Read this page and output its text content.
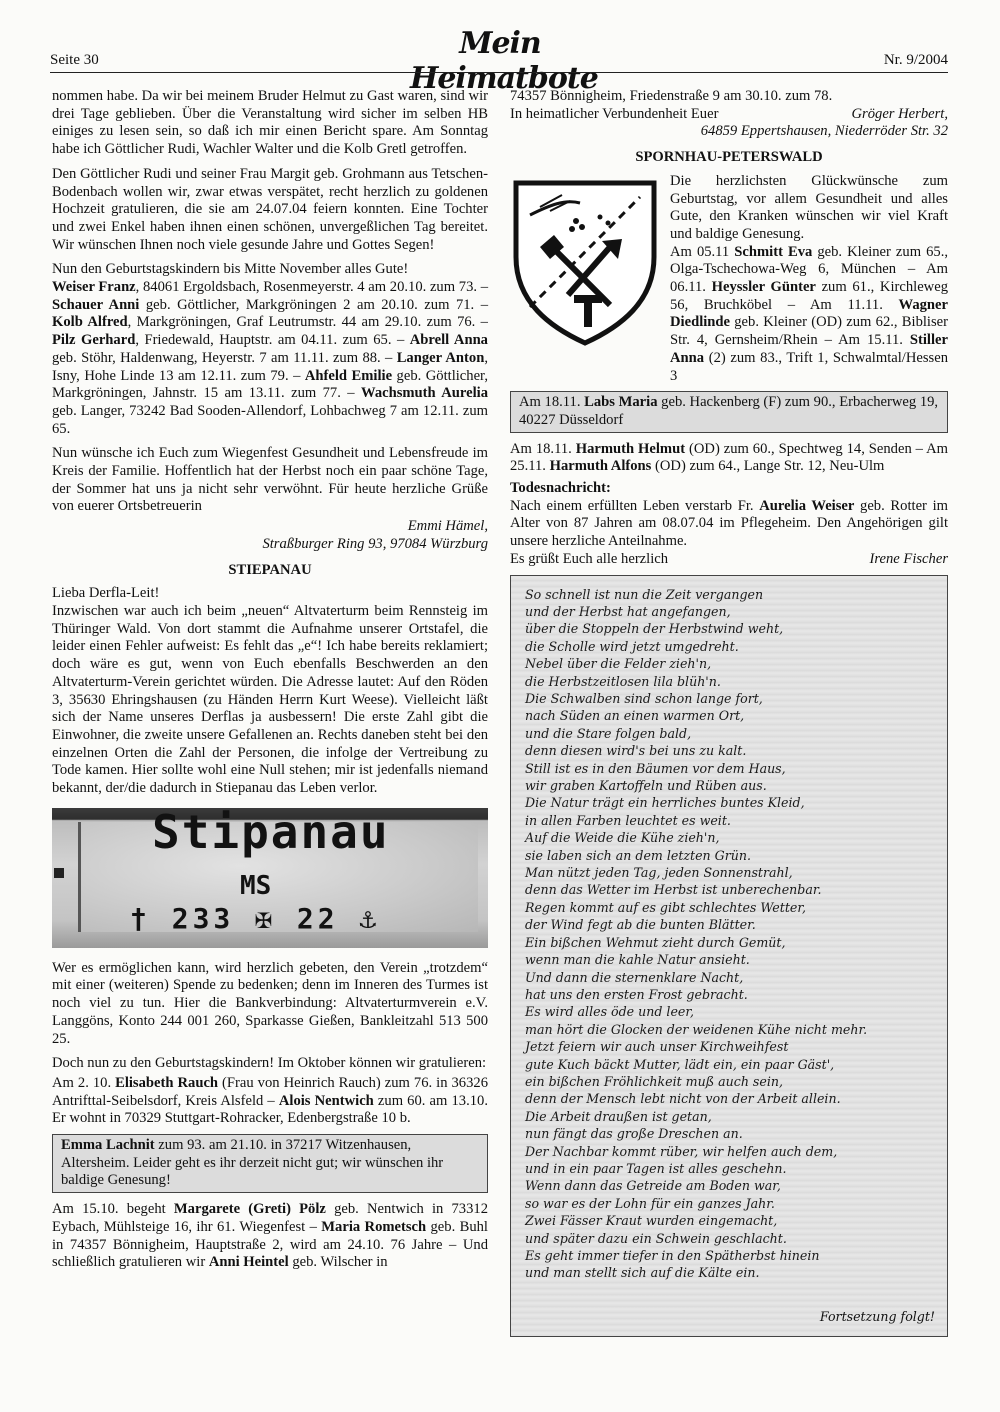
Seite 30	Mein Heimatbote
Nr. 9/2004

nommen habe. Da wir bei meinem Bruder Helmut zu Gast waren, sind wir drei Tage geblieben. Über die Veranstaltung wird sicher im selben HB einiges zu lesen sein, so daß ich mir einen Bericht spare. Am Sonntag habe ich Göttlicher Rudi, Wachler Walter und die Kolb Gretl getroffen.

Den Göttlicher Rudi und seiner Frau Margit geb. Grohmann aus Tetschen-Bodenbach wollen wir, zwar etwas verspätet, recht herzlich zu goldenen Hochzeit gratulieren, die sie am 24.07.04 feiern konnten. Eine Tochter und zwei Enkel haben ihnen einen schönen, unvergeßlichen Tag bereitet. Wir wünschen Ihnen noch viele gesunde Jahre und Gottes Segen!

Nun den Geburtstagskindern bis Mitte November alles Gute!
Weiser Franz, 84061 Ergoldsbach, Rosenmeyerstr. 4 am 20.10. zum 73. – Schauer Anni geb. Göttlicher, Markgröningen 2 am 20.10. zum 71. – Kolb Alfred, Markgröningen, Graf Leutrumstr. 44 am 29.10. zum 76. – Pilz Gerhard, Friedewald, Hauptstr. am 04.11. zum 65. – Abrell Anna geb. Stöhr, Haldenwang, Heyerstr. 7 am 11.11. zum 88. – Langer Anton, Isny, Hohe Linde 13 am 12.11. zum 79. – Ahfeld Emilie geb. Göttlicher, Markgröningen, Jahnstr. 15 am 13.11. zum 77. – Wachsmuth Aurelia geb. Langer, 73242 Bad Sooden-Allendorf, Lohbachweg 7 am 12.11. zum 65.

Nun wünsche ich Euch zum Wiegenfest Gesundheit und Lebensfreude im Kreis der Familie. Hoffentlich hat der Herbst noch ein paar schöne Tage, der Sommer hat uns ja nicht sehr verwöhnt. Für heute herzliche Grüße von euerer Ortsbetreuerin

Emmi Hämel,

Straßburger Ring 93, 97084 Würzburg

STIEPANAU

Lieba Derfla-Leit!

Inzwischen war auch ich beim „neuen“ Altvaterturm beim Rennsteig im Thüringer Wald. Von dort stammt die Aufnahme unserer Ortstafel, die leider einen Fehler aufweist: Es fehlt das „e“! Ich habe bereits reklamiert; doch wäre es gut, wenn von Euch ebenfalls Beschwerden an den Altvaterturm-Verein gerichtet würden. Die Adresse lautet: Auf den Röden 3, 35630 Ehringshausen (zu Händen Herrn Kurt Weese). Vielleicht läßt sich der Name unseres Derflas ja ausbessern! Die erste Zahl gibt die Einwohner, die zweite unsere Gefallenen an. Rechts daneben steht bei den einzelnen Orten die Zahl der Personen, die infolge der Vertreibung zu Tode kamen. Hier sollte wohl eine Null stehen; mir ist jedenfalls niemand bekannt, der/die dadurch in Stiepanau das Leben verlor.

Stipanau
MS
† 233 ✠ 22 ⚓

Wer es ermöglichen kann, wird herzlich gebeten, den Verein „trotzdem“ mit einer (weiteren) Spende zu bedenken; denn im Inneren des Turmes ist noch viel zu tun. Hier die Bankverbindung: Altvaterturmverein e.V. Langgöns, Konto 244 001 260, Sparkasse Gießen, Bankleitzahl 513 500 25.

Doch nun zu den Geburtstagskindern! Im Oktober können wir gratulieren:

Am 2. 10. Elisabeth Rauch (Frau von Heinrich Rauch) zum 76. in 36326 Antrifttal-Seibelsdorf, Kreis Alsfeld – Alois Nentwich zum 60. am 13.10. Er wohnt in 70329 Stuttgart-Rohracker, Edenbergstraße 10 b.

Emma Lachnit zum 93. am 21.10. in 37217 Witzenhausen, Altersheim. Leider geht es ihr derzeit nicht gut; wir wünschen ihr baldige Genesung!

Am 15.10. begeht Margarete (Greti) Pölz geb. Nentwich in 73312 Eybach, Mühlsteige 16, ihr 61. Wiegenfest – Maria Rometsch geb. Buhl in 74357 Bönnigheim, Hauptstraße 2, wird am 24.10. 76 Jahre – Und schließlich gratulieren wir Anni Heintel geb. Wilscher in

74357 Bönnigheim, Friedenstraße 9 am 30.10. zum 78.

In heimatlicher Verbundenheit Euer	Gröger Herbert,

64859 Eppertshausen, Niederröder Str. 32

SPORNHAU-PETERSWALD
Die herzlichsten Glückwünsche zum Geburtstag, vor allem Gesundheit und alles Gute, den Kranken wünschen wir viel Kraft und baldige Genesung.
Am 05.11 Schmitt Eva geb. Kleiner zum 65., Olga-Tschechowa-Weg 6, München – Am 06.11. Heyssler Günter zum 61., Kirchleweg 56, Bruchköbel – Am 11.11. Wagner Diedlinde geb. Kleiner (OD) zum 62., Bibliser Str. 4, Gernsheim/Rhein – Am 15.11. Stiller Anna (2) zum 83., Trift 1, Schwalmtal/Hessen 3
Am 18.11. Labs Maria geb. Hackenberg (F) zum 90., Erbacherweg 19, 40227 Düsseldorf

Am 18.11. Harmuth Helmut (OD) zum 60., Spechtweg 14, Senden – Am 25.11. Harmuth Alfons (OD) zum 64., Lange Str. 12, Neu-Ulm

Todesnachricht:

Nach einem erfüllten Leben verstarb Fr. Aurelia Weiser geb. Rotter im Alter von 87 Jahren am 08.07.04 im Pflegeheim. Den Angehörigen gilt unsere herzliche Anteilnahme.

Es grüßt Euch alle herzlich	Irene Fischer
So schnell ist nun die Zeit vergangen
und der Herbst hat angefangen,
über die Stoppeln der Herbstwind weht,
die Scholle wird jetzt umgedreht.
Nebel über die Felder zieh'n,
die Herbstzeitlosen lila blüh'n.
Die Schwalben sind schon lange fort,
nach Süden an einen warmen Ort,
und die Stare folgen bald,
denn diesen wird's bei uns zu kalt.
Still ist es in den Bäumen vor dem Haus,
wir graben Kartoffeln und Rüben aus.
Die Natur trägt ein herrliches buntes Kleid,
in allen Farben leuchtet es weit.
Auf die Weide die Kühe zieh'n,
sie laben sich an dem letzten Grün.
Man nützt jeden Tag, jeden Sonnenstrahl,
denn das Wetter im Herbst ist unberechenbar.
Regen kommt auf es gibt schlechtes Wetter,
der Wind fegt ab die bunten Blätter.
Ein bißchen Wehmut zieht durch Gemüt,
wenn man die kahle Natur ansieht.
Und dann die sternenklare Nacht,
hat uns den ersten Frost gebracht.
Es wird alles öde und leer,
man hört die Glocken der weidenen Kühe nicht mehr.
Jetzt feiern wir auch unser Kirchweihfest
gute Kuch bäckt Mutter, lädt ein, ein paar Gäst',
ein bißchen Fröhlichkeit muß auch sein,
denn der Mensch lebt nicht von der Arbeit allein.
Die Arbeit draußen ist getan,
nun fängt das große Dreschen an.
Der Nachbar kommt rüber, wir helfen auch dem,
und in ein paar Tagen ist alles geschehn.
Wenn dann das Getreide am Boden war,
so war es der Lohn für ein ganzes Jahr.
Zwei Fässer Kraut wurden eingemacht,
und später dazu ein Schwein geschlacht.
Es geht immer tiefer in den Spätherbst hinein
und man stellt sich auf die Kälte ein.
Fortsetzung folgt!
